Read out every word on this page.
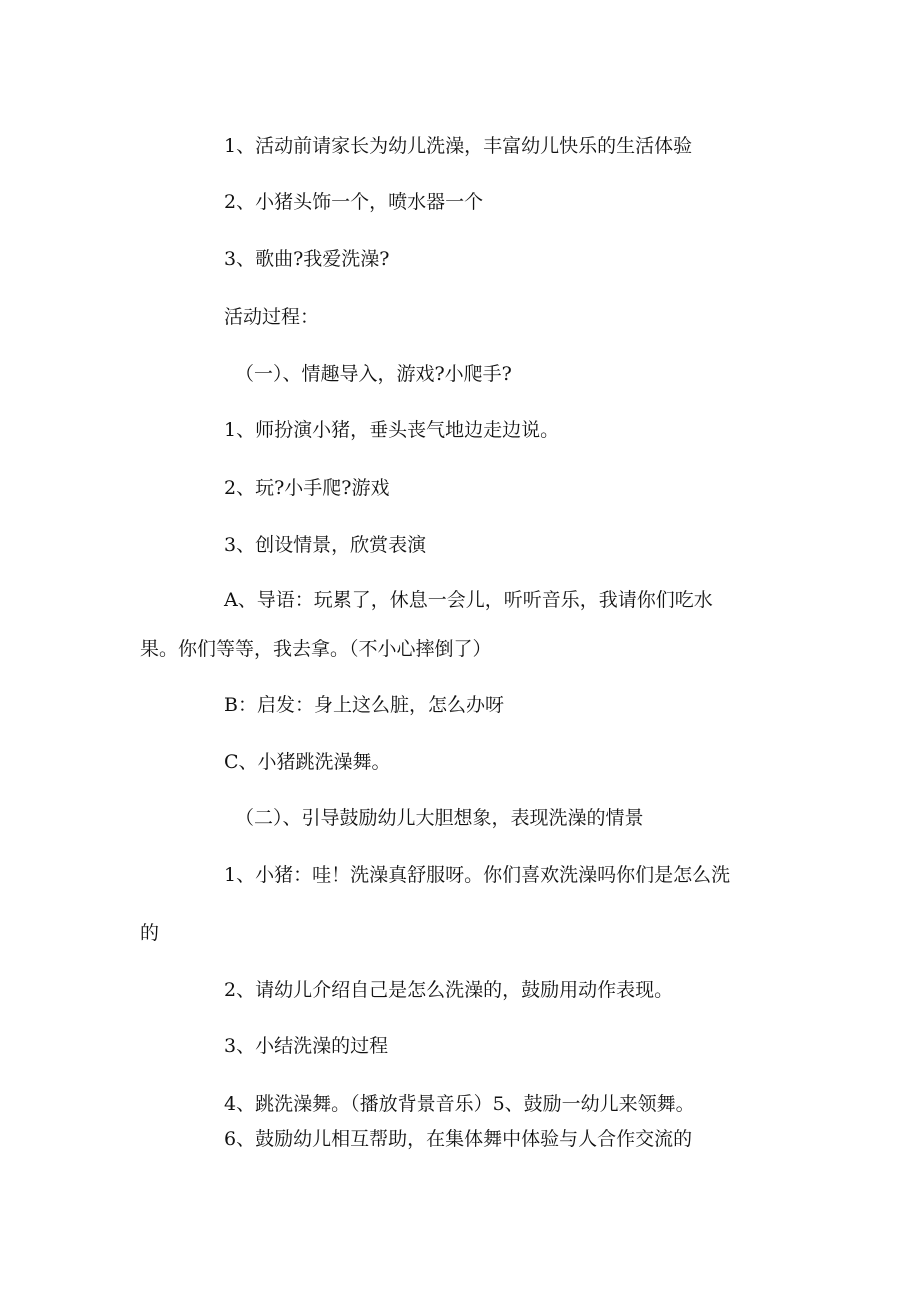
1、活动前请家长为幼儿洗澡，丰富幼儿快乐的生活体验

2、小猪头饰一个，喷水器一个

3、歌曲?我爱洗澡?

活动过程：

（一）、情趣导入，游戏?小爬手?

1、师扮演小猪，垂头丧气地边走边说。

2、玩?小手爬?游戏

3、创设情景，欣赏表演

A、导语：玩累了，休息一会儿，听听音乐，我请你们吃水

果。你们等等，我去拿。（不小心摔倒了）

B：启发：身上这么脏，怎么办呀

C、小猪跳洗澡舞。

（二）、引导鼓励幼儿大胆想象，表现洗澡的情景

1、小猪：哇！洗澡真舒服呀。你们喜欢洗澡吗你们是怎么洗

的

2、请幼儿介绍自己是怎么洗澡的，鼓励用动作表现。

3、小结洗澡的过程

4、跳洗澡舞。（播放背景音乐）5、鼓励一幼儿来领舞。

6、鼓励幼儿相互帮助，在集体舞中体验与人合作交流的
